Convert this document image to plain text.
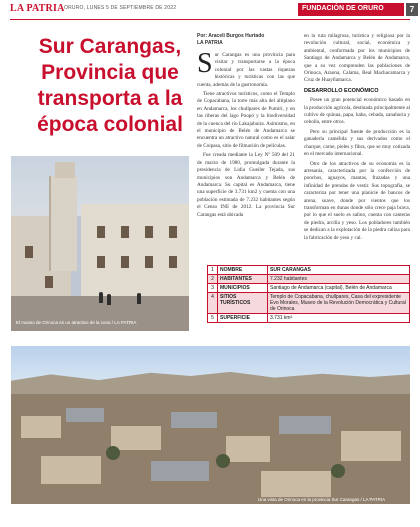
LA PATRIA ORURO, LUNES 5 DE SEPTIEMBRE DE 2022	FUNDACIÓN DE ORURO	7
Sur Carangas, Provincia que transporta a la época colonial
El museo de Orinoca es un atractivo de la zona / LA PATRIA
Por: Araceli Burgos Hurtado
LA PATRIA
S ur Carangas es una provincia para visitar y transportarse a la época colonial por las vastas riquezas históricas y turísticas con las que cuenta, además de la gastronomía.

Tiene atractivos turísticos, como el Templo de Copacabana, la torre más alta del altiplano en Andamarca, los chullpares de Pumiri, y en las riberas del lago Poopó y la biodiversidad de la cuenca del río Lakajahuira. Asimismo, en el municipio de Belén de Andamarca se encuentra un atractivo natural como es el salar de Coipasa, sitio de filmación de películas.

Fue creada mediante la Ley Nº 509 del 21 de marzo de 1980, promulgada durante la presidencia de Lidia Gueiler Tejada, sus municipios son Andamarca y Belén de Andamarca. Su capital es Andamarca, tiene una superficie de 3.731 km2 y cuenta con una población estimada de 7.232 habitantes según el Censo INE de 2012. La provincia Sur Carangas está ubicada

en la ruta milagrosa, turística y religiosa por la revolución cultural, social, económica y ambiental, conformada por los municipios de Santiago de Andamarca y Belén de Andamarca, que a su vez comprenden las poblaciones de Orinoca, Araona, Calama, Real Machacamarca y Cruz de Huayllamarca.

DESARROLLO ECONÓMICO

Posee un gran potencial económico basado en la producción agrícola, destinada principalmente al cultivo de quinua, papa, haba, cebada, zanahoria y cebolla, entre otros.

Pero su principal fuente de producción es la ganadería camélida y sus derivados como el charque, carne, pieles y fibra, que se muy cotizada en el mercado internacional.

Otro de los atractivos de su economía es la artesanía, caracterizada por la confección de ponchos, aguayos, mantas, frazadas y una infinidad de prendas de vestir. Sus topografía, se caracteriza por tener una planicie de bancos de arena, suave, donde por vientos que los transforman en dunas donde sólo crece paja brava, por lo que el suelo es salino, cuenta con canteras de piedra, arcilla y yeso. Los pobladores también se dedican a la explotación de la piedra caliza para la fabricación de yeso y cal.

1	NOMBRE	SUR CARANGAS
2	HABITANTES	7.232 habitantes
3	MUNICIPIOS	Santiago de Andamarca (capital), Belén de Andamarca
4	SITIOS TURÍSTICOS	Templo de Copacabana, chullpares, Casa del expresidente Evo Morales, Museo de la Revolución Democrática y Cultural de Orinoca
5	SUPERFICIE	3.731 km²
Una vista de Orinoca en la provincia Sur Carangas / LA PATRIA
